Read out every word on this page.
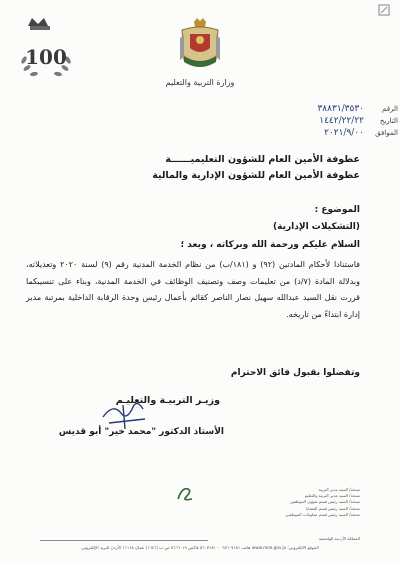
100
وزارة التربية والتعليم
الرقم
٣٨٨٣١/٣٥٣٠
التاريخ
١٤٤٢/٢٢/٢٢
الموافق
٢٠٢١/٩/٠٠
عطوفة الأمين العام للشؤون التعليميــــــة
عطوفة الأمين العام للشؤون الإدارية والمالية
الموضوع :
(التشكيلات الإدارية)
السلام عليكم ورحمة الله وبركاته ، وبعد ؛
فاستنادا لأحكام المادتين (٩٢) و (١٨١/ب) من نظام الخدمة المدنية رقم (٩) لسنة ٢٠٢٠ وتعديلاته، وبدلالة المادة (٧/د) من تعليمات وصف وتصنيف الوظائف في الخدمة المدنية، وبناء على تنسيبكما قررت نقل السيد عبدالله سهيل نصار الناصر كقائم بأعمال رئيس وحدة الرقابة الداخلية بمرتبة مدير إدارة ابتداءً من تاريخه.
وتفضلوا بقبول فائق الاحترام
وزيـر التربيـة والتعليـم
الأستاذ الدكتور "محمد خير" أبو قديس
نسخة/ السيد مدير التربية
نسخة/ السيد مدير التربية والتعليم
نسخة/ السيد رئيس قسم شؤون الموظفين
نسخة/ السيد رئيس قسم القضايا
نسخة/ السيد رئيس قسم معلومات الموظفين
المملكة الأردنية الهاشمية
الموقع الالكتروني: www.moe.gov.jo هاتف ٠٦٥٦٠٧١٨١ - ٥٦٠٧١٨١ فاكس ٥٦٦٦٠١٩ ص.ب (١٦٤٦) عمان ١١١١٨ الأردن البريد الإلكتروني
